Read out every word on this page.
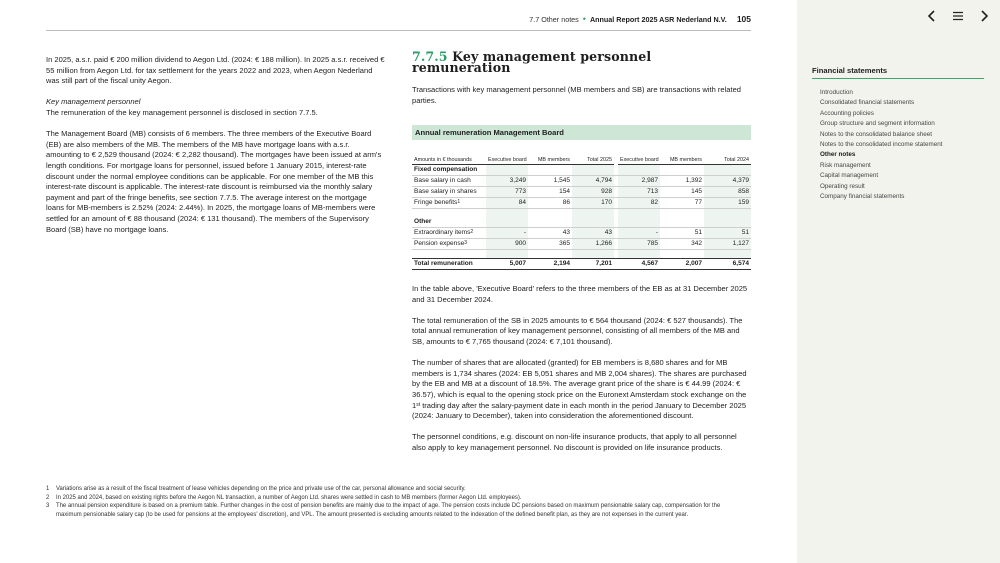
7.7 Other notes • Annual Report 2025 ASR Nederland N.V. 105

In 2025, a.s.r. paid € 200 million dividend to Aegon Ltd. (2024: € 188 million). In 2025 a.s.r. received € 55 million from Aegon Ltd. for tax settlement for the years 2022 and 2023, when Aegon Nederland was still part of the fiscal unity Aegon.

Key management personnel

The remuneration of the key management personnel is disclosed in section 7.7.5.

The Management Board (MB) consists of 6 members. The three members of the Executive Board (EB) are also members of the MB. The members of the MB have mortgage loans with a.s.r. amounting to € 2,529 thousand (2024: € 2,282 thousand). The mortgages have been issued at arm's length conditions. For mortgage loans for personnel, issued before 1 January 2015, interest-rate discount under the normal employee conditions can be applicable. For one member of the MB this interest-rate discount is applicable. The interest-rate discount is reimbursed via the monthly salary payment and part of the fringe benefits, see section 7.7.5. The average interest on the mortgage loans for MB-members is 2.52% (2024: 2.44%). In 2025, the mortgage loans of MB-members were settled for an amount of € 88 thousand (2024: € 131 thousand). The members of the Supervisory Board (SB) have no mortgage loans.

7.7.5 Key management personnel remuneration

Transactions with key management personnel (MB members and SB) are transactions with related parties.

Annual remuneration Management Board
Amounts in € thousands	Executive board	MB members	Total 2025		Executive board	MB members	Total 2024
Fixed compensation							
Base salary in cash	3,249	1,545	4,794		2,987	1,392	4,379
Base salary in shares	773	154	928		713	145	858
Fringe benefits$^1$	84	86	170		82	77	159

Other							
Extraordinary items$^2$	-	43	43		-	51	51
Pension expense$^3$	900	365	1,266		785	342	1,127

Total remuneration	5,007	2,194	7,201		4,567	2,007	6,574

In the table above, 'Executive Board' refers to the three members of the EB as at 31 December 2025 and 31 December 2024.

The total remuneration of the SB in 2025 amounts to € 564 thousand (2024: € 527 thousands). The total annual remuneration of key management personnel, consisting of all members of the MB and SB, amounts to € 7,765 thousand (2024: € 7,101 thousand).

The number of shares that are allocated (granted) for EB members is 8,680 shares and for MB members is 1,734 shares (2024: EB 5,051 shares and MB 2,004 shares). The shares are purchased by the EB and MB at a discount of 18.5%. The average grant price of the share is € 44.99 (2024: € 36.57), which is equal to the opening stock price on the Euronext Amsterdam stock exchange on the 1st trading day after the salary-payment date in each month in the period January to December 2025 (2024: January to December), taken into consideration the aforementioned discount.

The personnel conditions, e.g. discount on non-life insurance products, that apply to all personnel also apply to key management personnel. No discount is provided on life insurance products.

1	Variations arise as a result of the fiscal treatment of lease vehicles depending on the price and private use of the car, personal allowance and social security.
2	In 2025 and 2024, based on existing rights before the Aegon NL transaction, a number of Aegon Ltd. shares were settled in cash to MB members (former Aegon Ltd. employees).
3	The annual pension expenditure is based on a premium table. Further changes in the cost of pension benefits are mainly due to the impact of age. The pension costs include DC pensions based on maximum pensionable salary cap, compensation for the maximum pensionable salary cap (to be used for pensions at the employees' discretion), and VPL. The amount presented is excluding amounts related to the indexation of the defined benefit plan, as they are not expenses in the current year.
Financial statements
Introduction
Consolidated financial statements
Accounting policies
Group structure and segment information
Notes to the consolidated balance sheet
Notes to the consolidated income statement
Other notes
Risk management
Capital management
Operating result
Company financial statements
